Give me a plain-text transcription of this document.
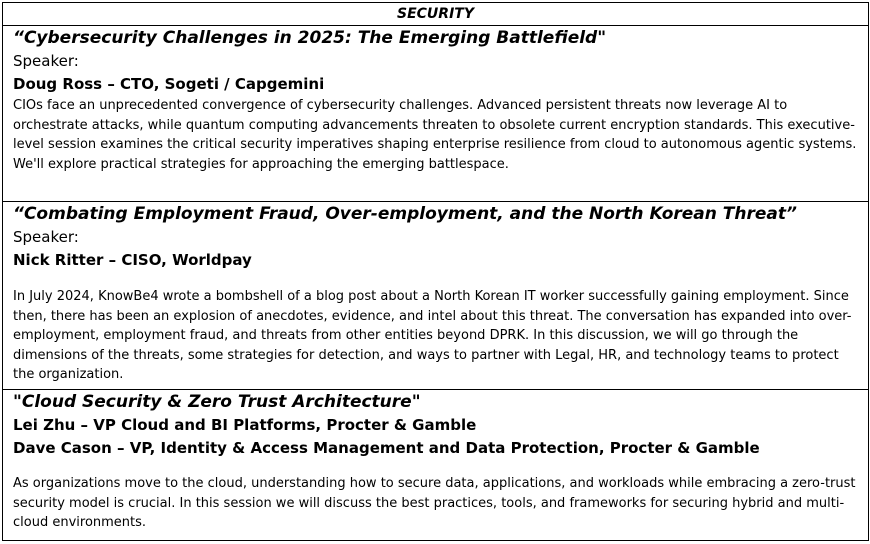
SECURITY

“Cybersecurity Challenges in 2025: The Emerging Battlefield"
Speaker:
Doug Ross – CTO, Sogeti / Capgemini
CIOs face an unprecedented convergence of cybersecurity challenges. Advanced persistent threats now leverage AI to orchestrate attacks, while quantum computing advancements threaten to obsolete current encryption standards. This executive-level session examines the critical security imperatives shaping enterprise resilience from cloud to autonomous agentic systems. We'll explore practical strategies for approaching the emerging battlespace.

“Combating Employment Fraud, Over-employment, and the North Korean Threat”
Speaker:
Nick Ritter – CISO, Worldpay
In July 2024, KnowBe4 wrote a bombshell of a blog post about a North Korean IT worker successfully gaining employment. Since then, there has been an explosion of anecdotes, evidence, and intel about this threat. The conversation has expanded into over-employment, employment fraud, and threats from other entities beyond DPRK. In this discussion, we will go through the dimensions of the threats, some strategies for detection, and ways to partner with Legal, HR, and technology teams to protect the organization.

"Cloud Security & Zero Trust Architecture"
Lei Zhu – VP Cloud and BI Platforms, Procter & Gamble
Dave Cason – VP, Identity & Access Management and Data Protection, Procter & Gamble
As organizations move to the cloud, understanding how to secure data, applications, and workloads while embracing a zero-trust security model is crucial. In this session we will discuss the best practices, tools, and frameworks for securing hybrid and multi-cloud environments.
